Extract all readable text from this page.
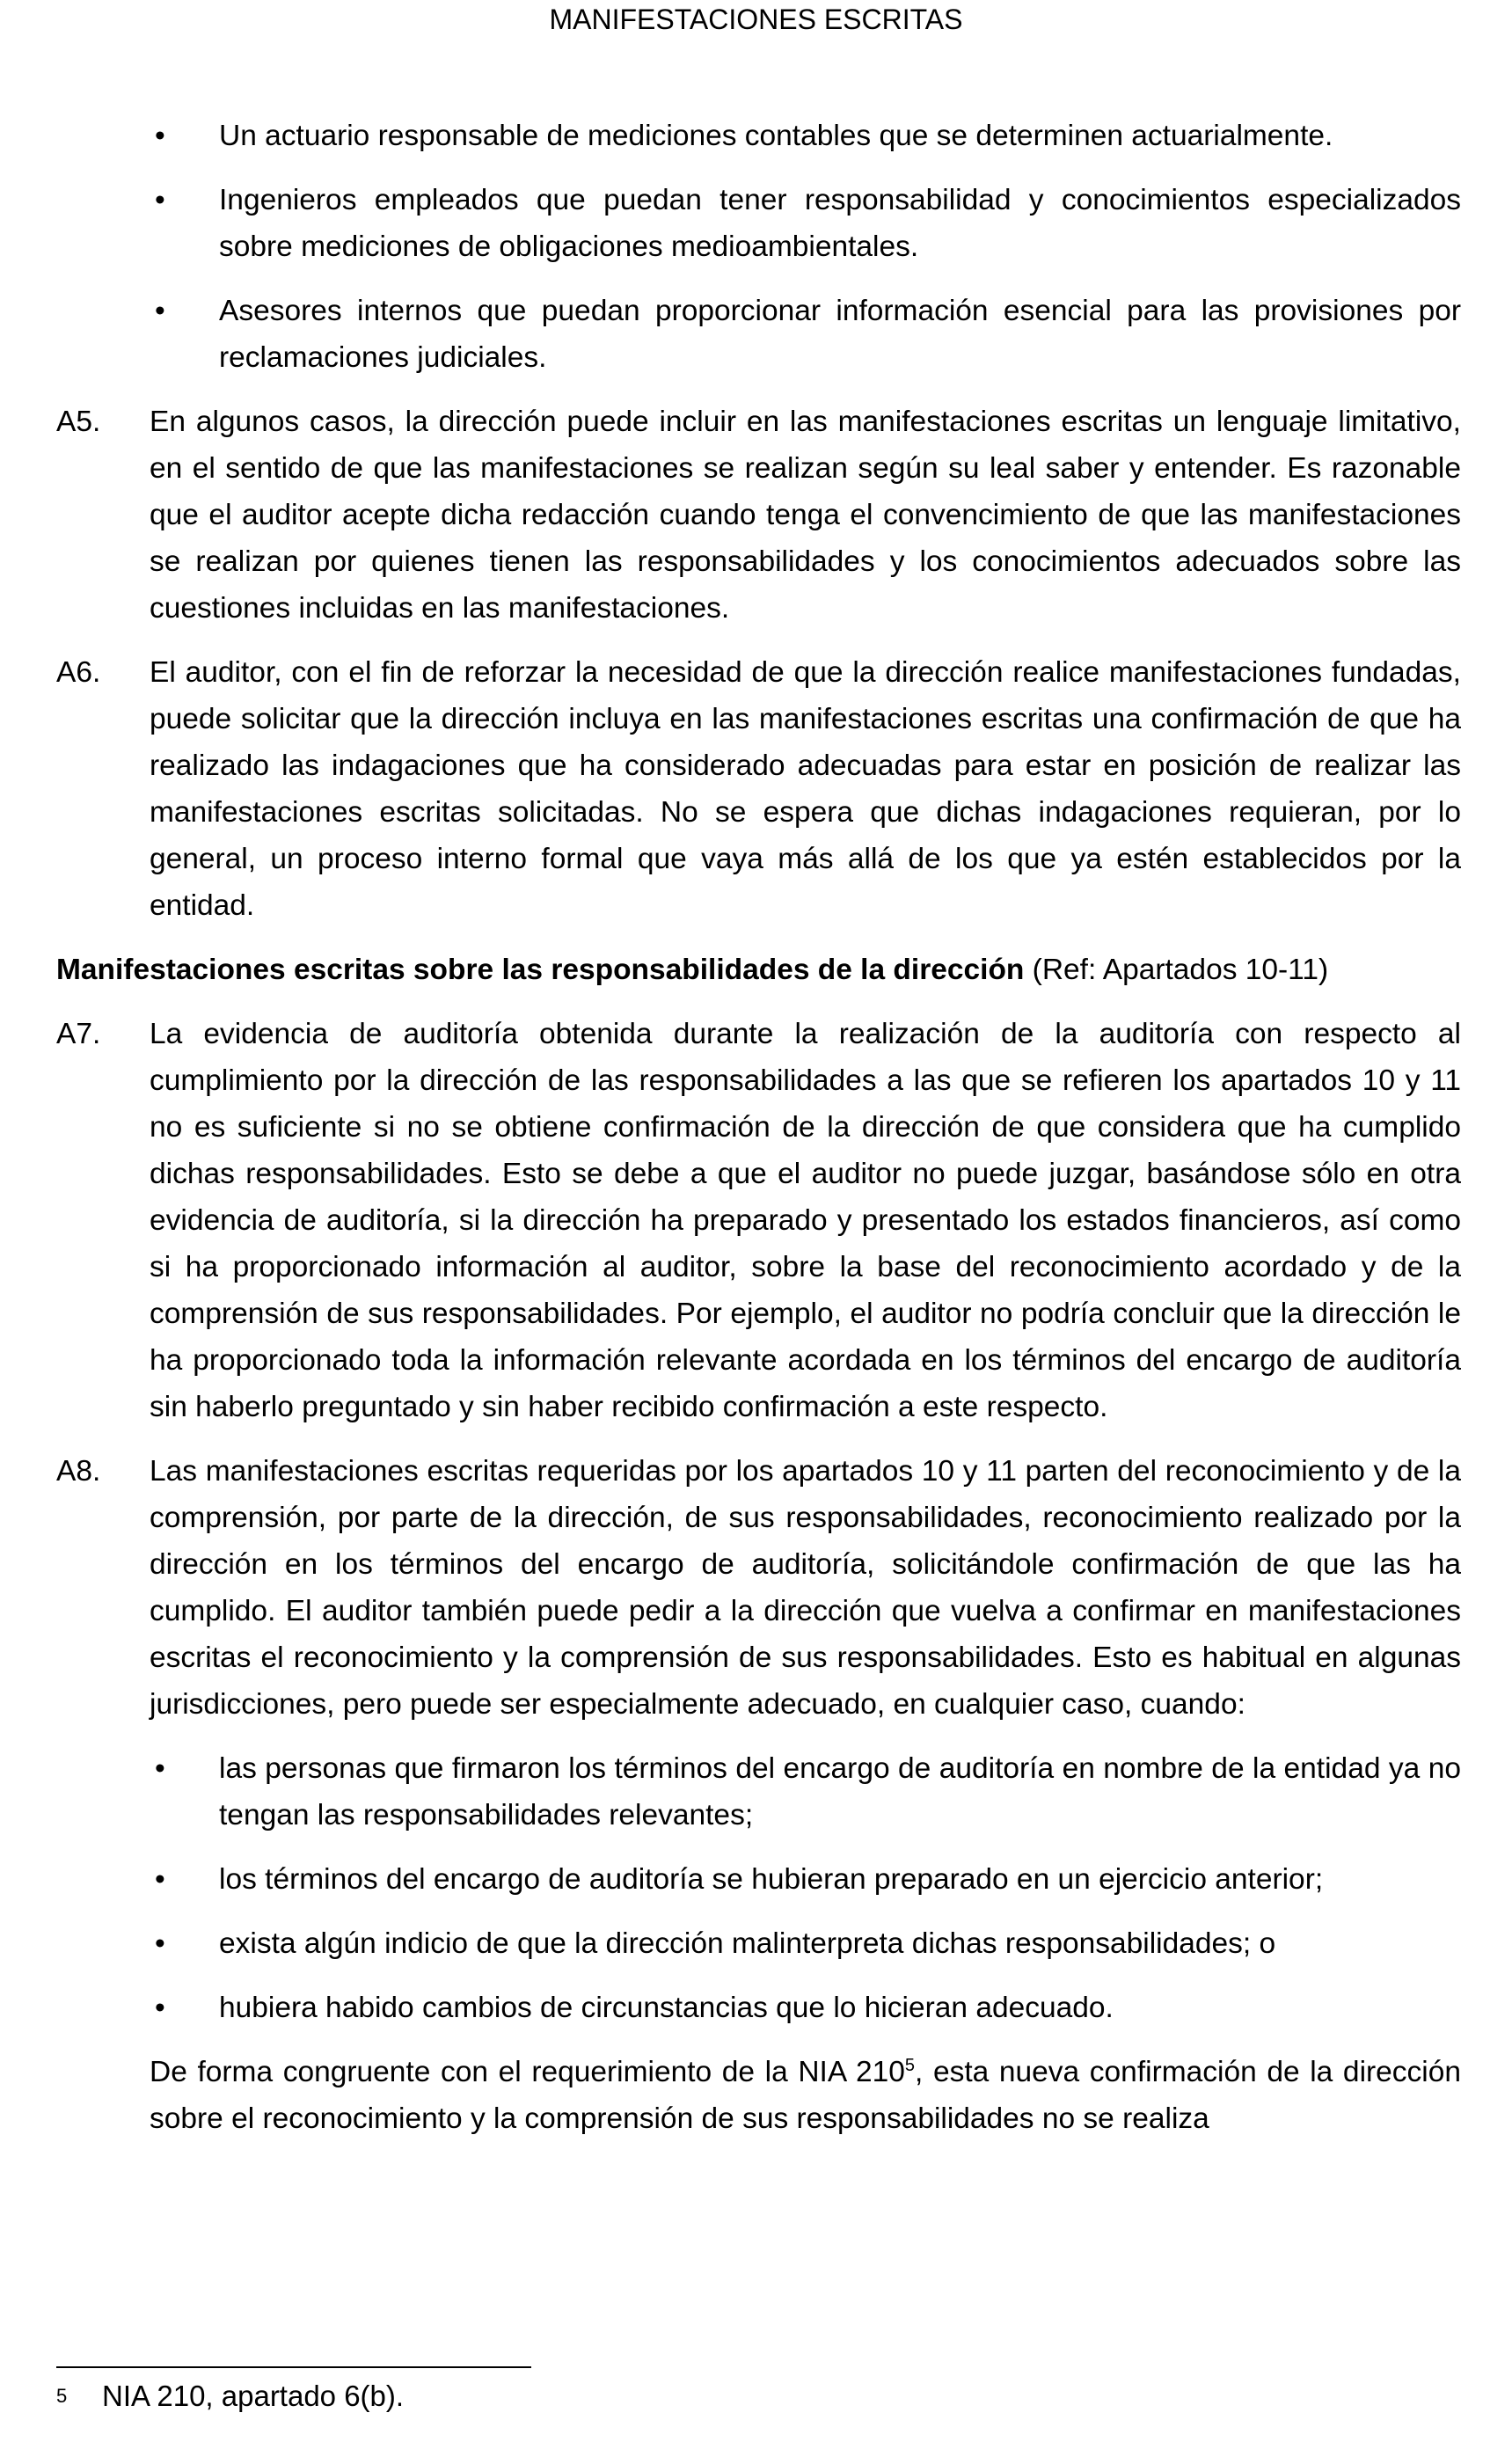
MANIFESTACIONES ESCRITAS
• Un actuario responsable de mediciones contables que se determinen actuarialmente.
• Ingenieros empleados que puedan tener responsabilidad y conocimientos especializados sobre mediciones de obligaciones medioambientales.
• Asesores internos que puedan proporcionar información esencial para las provisiones por reclamaciones judiciales.
A5. En algunos casos, la dirección puede incluir en las manifestaciones escritas un lenguaje limitativo, en el sentido de que las manifestaciones se realizan según su leal saber y entender. Es razonable que el auditor acepte dicha redacción cuando tenga el convencimiento de que las manifestaciones se realizan por quienes tienen las responsabilidades y los conocimientos adecuados sobre las cuestiones incluidas en las manifestaciones.
A6. El auditor, con el fin de reforzar la necesidad de que la dirección realice manifestaciones fundadas, puede solicitar que la dirección incluya en las manifestaciones escritas una confirmación de que ha realizado las indagaciones que ha considerado adecuadas para estar en posición de realizar las manifestaciones escritas solicitadas. No se espera que dichas indagaciones requieran, por lo general, un proceso interno formal que vaya más allá de los que ya estén establecidos por la entidad.
Manifestaciones escritas sobre las responsabilidades de la dirección (Ref: Apartados 10-11)
A7. La evidencia de auditoría obtenida durante la realización de la auditoría con respecto al cumplimiento por la dirección de las responsabilidades a las que se refieren los apartados 10 y 11 no es suficiente si no se obtiene confirmación de la dirección de que considera que ha cumplido dichas responsabilidades. Esto se debe a que el auditor no puede juzgar, basándose sólo en otra evidencia de auditoría, si la dirección ha preparado y presentado los estados financieros, así como si ha proporcionado información al auditor, sobre la base del reconocimiento acordado y de la comprensión de sus responsabilidades. Por ejemplo, el auditor no podría concluir que la dirección le ha proporcionado toda la información relevante acordada en los términos del encargo de auditoría sin haberlo preguntado y sin haber recibido confirmación a este respecto.
A8. Las manifestaciones escritas requeridas por los apartados 10 y 11 parten del reconocimiento y de la comprensión, por parte de la dirección, de sus responsabilidades, reconocimiento realizado por la dirección en los términos del encargo de auditoría, solicitándole confirmación de que las ha cumplido. El auditor también puede pedir a la dirección que vuelva a confirmar en manifestaciones escritas el reconocimiento y la comprensión de sus responsabilidades. Esto es habitual en algunas jurisdicciones, pero puede ser especialmente adecuado, en cualquier caso, cuando:
• las personas que firmaron los términos del encargo de auditoría en nombre de la entidad ya no tengan las responsabilidades relevantes;
• los términos del encargo de auditoría se hubieran preparado en un ejercicio anterior;
• exista algún indicio de que la dirección malinterpreta dichas responsabilidades; o
• hubiera habido cambios de circunstancias que lo hicieran adecuado.
De forma congruente con el requerimiento de la NIA $210^5$, esta nueva confirmación de la dirección sobre el reconocimiento y la comprensión de sus responsabilidades no se realiza
5 NIA 210, apartado 6(b).
